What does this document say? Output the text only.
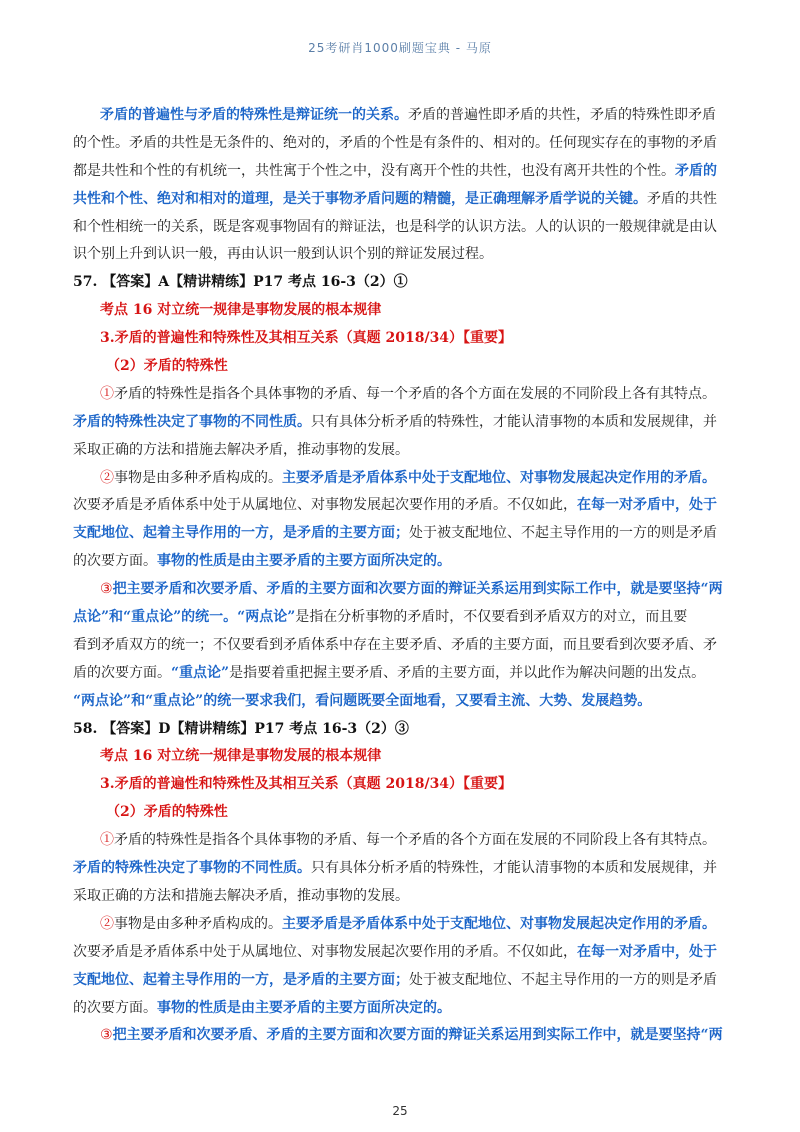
25考研肖1000刷题宝典 - 马原
矛盾的普遍性与矛盾的特殊性是辩证统一的关系。矛盾的普遍性即矛盾的共性，矛盾的特殊性即矛盾
的个性。矛盾的共性是无条件的、绝对的，矛盾的个性是有条件的、相对的。任何现实存在的事物的矛盾
都是共性和个性的有机统一，共性寓于个性之中，没有离开个性的共性，也没有离开共性的个性。矛盾的
共性和个性、绝对和相对的道理，是关于事物矛盾问题的精髓，是正确理解矛盾学说的关键。矛盾的共性
和个性相统一的关系，既是客观事物固有的辩证法，也是科学的认识方法。人的认识的一般规律就是由认
识个别上升到认识一般，再由认识一般到认识个别的辩证发展过程。
57. 【答案】A【精讲精练】P17 考点 16-3（2）①
考点 16 对立统一规律是事物发展的根本规律
3.矛盾的普遍性和特殊性及其相互关系（真题 2018/34）【重要】
（2）矛盾的特殊性
①矛盾的特殊性是指各个具体事物的矛盾、每一个矛盾的各个方面在发展的不同阶段上各有其特点。
矛盾的特殊性决定了事物的不同性质。只有具体分析矛盾的特殊性，才能认清事物的本质和发展规律，并
采取正确的方法和措施去解决矛盾，推动事物的发展。
②事物是由多种矛盾构成的。主要矛盾是矛盾体系中处于支配地位、对事物发展起决定作用的矛盾。
次要矛盾是矛盾体系中处于从属地位、对事物发展起次要作用的矛盾。不仅如此，在每一对矛盾中，处于
支配地位、起着主导作用的一方，是矛盾的主要方面；处于被支配地位、不起主导作用的一方的则是矛盾
的次要方面。事物的性质是由主要矛盾的主要方面所决定的。
③把主要矛盾和次要矛盾、矛盾的主要方面和次要方面的辩证关系运用到实际工作中，就是要坚持“两
点论”和“重点论”的统一。“两点论”是指在分析事物的矛盾时，不仅要看到矛盾双方的对立，而且要
看到矛盾双方的统一；不仅要看到矛盾体系中存在主要矛盾、矛盾的主要方面，而且要看到次要矛盾、矛
盾的次要方面。“重点论”是指要着重把握主要矛盾、矛盾的主要方面，并以此作为解决问题的出发点。
“两点论”和“重点论”的统一要求我们，看问题既要全面地看，又要看主流、大势、发展趋势。
58. 【答案】D【精讲精练】P17 考点 16-3（2）③
考点 16 对立统一规律是事物发展的根本规律
3.矛盾的普遍性和特殊性及其相互关系（真题 2018/34）【重要】
（2）矛盾的特殊性
①矛盾的特殊性是指各个具体事物的矛盾、每一个矛盾的各个方面在发展的不同阶段上各有其特点。
矛盾的特殊性决定了事物的不同性质。只有具体分析矛盾的特殊性，才能认清事物的本质和发展规律，并
采取正确的方法和措施去解决矛盾，推动事物的发展。
②事物是由多种矛盾构成的。主要矛盾是矛盾体系中处于支配地位、对事物发展起决定作用的矛盾。
次要矛盾是矛盾体系中处于从属地位、对事物发展起次要作用的矛盾。不仅如此，在每一对矛盾中，处于
支配地位、起着主导作用的一方，是矛盾的主要方面；处于被支配地位、不起主导作用的一方的则是矛盾
的次要方面。事物的性质是由主要矛盾的主要方面所决定的。
③把主要矛盾和次要矛盾、矛盾的主要方面和次要方面的辩证关系运用到实际工作中，就是要坚持“两
25
